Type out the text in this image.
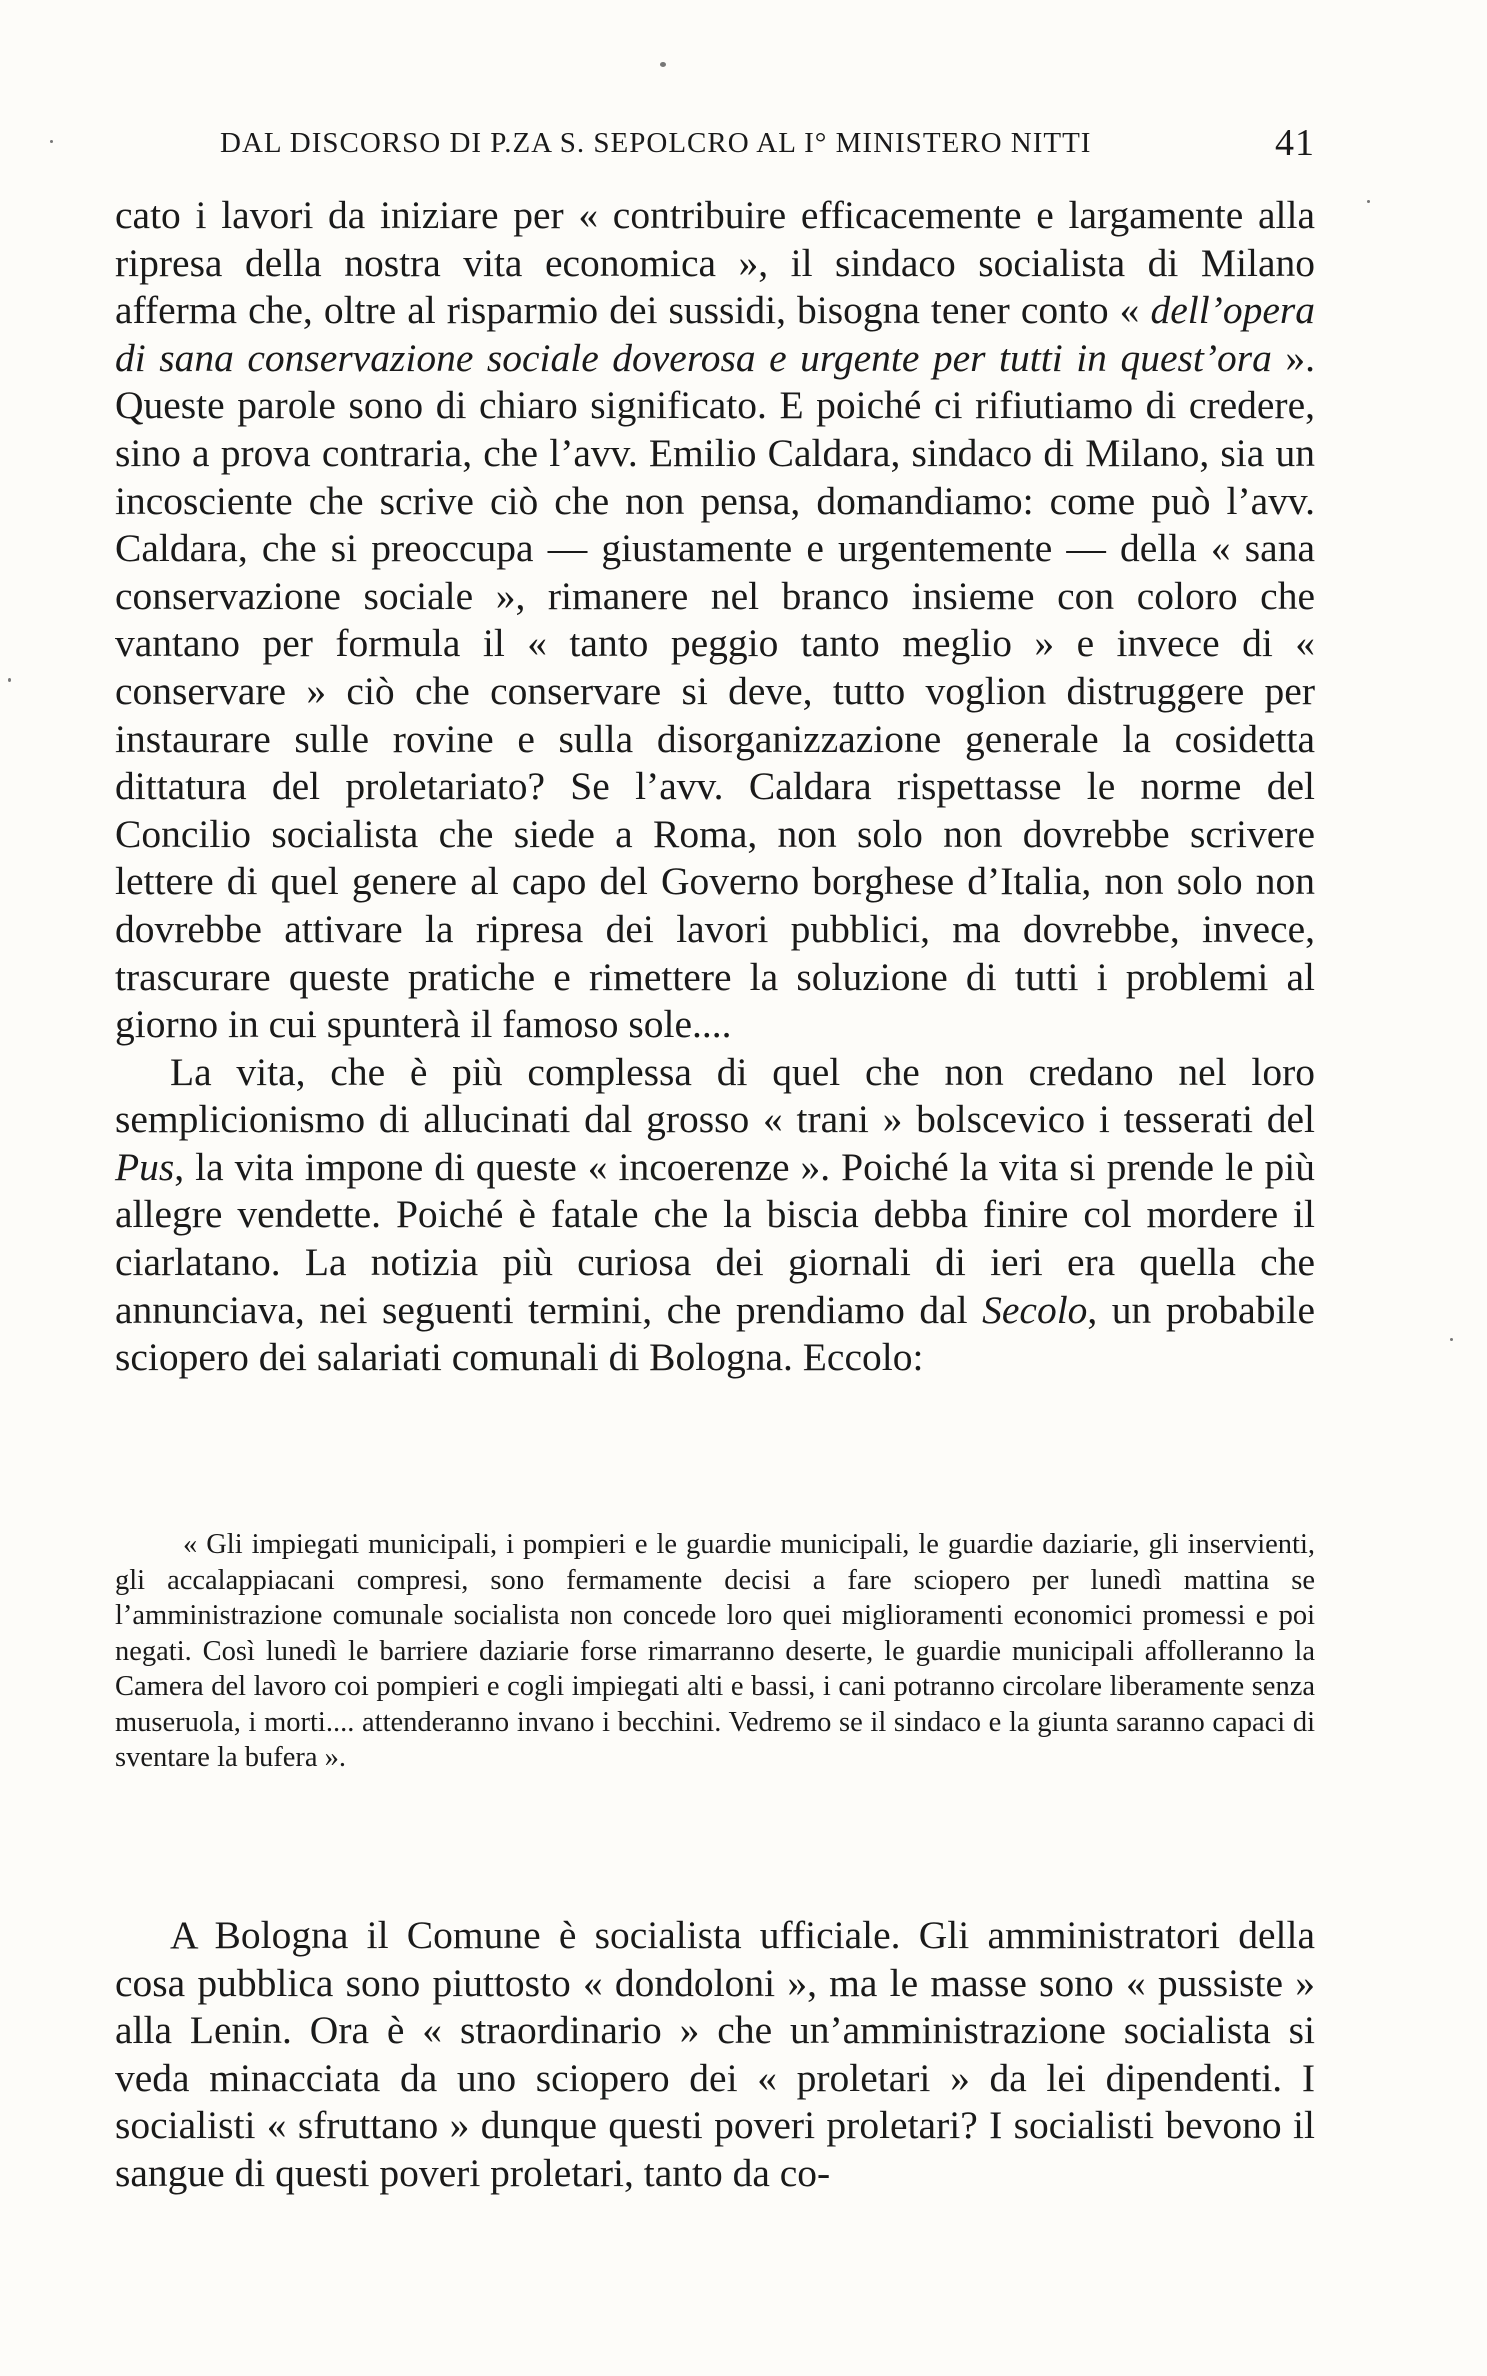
DAL DISCORSO DI P.ZA S. SEPOLCRO AL I° MINISTERO NITTI	41

cato i lavori da iniziare per « contribuire efficacemente e largamente alla ripresa della nostra vita economica », il sindaco socialista di Milano afferma che, oltre al risparmio dei sussidi, bisogna tener conto « dell’opera di sana conservazione sociale doverosa e urgente per tutti in quest’ora ». Queste parole sono di chiaro significato. E poiché ci rifiutiamo di credere, sino a prova contraria, che l’avv. Emilio Caldara, sindaco di Milano, sia un incosciente che scrive ciò che non pensa, domandiamo: come può l’avv. Caldara, che si preoccupa — giustamente e urgentemente — della « sana conservazione sociale », rimanere nel branco insieme con coloro che vantano per formula il « tanto peggio tanto meglio » e invece di « conservare » ciò che conservare si deve, tutto voglion distruggere per instaurare sulle rovine e sulla disorganizzazione generale la cosidetta dittatura del proletariato? Se l’avv. Caldara rispettasse le norme del Concilio socialista che siede a Roma, non solo non dovrebbe scrivere lettere di quel genere al capo del Governo borghese d’Italia, non solo non dovrebbe attivare la ripresa dei lavori pubblici, ma dovrebbe, invece, trascurare queste pratiche e rimettere la soluzione di tutti i problemi al giorno in cui spunterà il famoso sole....

La vita, che è più complessa di quel che non credano nel loro semplicionismo di allucinati dal grosso « trani » bolscevico i tesserati del Pus, la vita impone di queste « incoerenze ». Poiché la vita si prende le più allegre vendette. Poiché è fatale che la biscia debba finire col mordere il ciarlatano. La notizia più curiosa dei giornali di ieri era quella che annunciava, nei seguenti termini, che prendiamo dal Secolo, un probabile sciopero dei salariati comunali di Bologna. Eccolo:

« Gli impiegati municipali, i pompieri e le guardie municipali, le guardie daziarie, gli inservienti, gli accalappiacani compresi, sono fermamente decisi a fare sciopero per lunedì mattina se l’amministrazione comunale socialista non concede loro quei miglioramenti economici promessi e poi negati. Così lunedì le barriere daziarie forse rimarranno deserte, le guardie municipali affolleranno la Camera del lavoro coi pompieri e cogli impiegati alti e bassi, i cani potranno circolare liberamente senza museruola, i morti.... attenderanno invano i becchini. Vedremo se il sindaco e la giunta saranno capaci di sventare la bufera ».

A Bologna il Comune è socialista ufficiale. Gli amministratori della cosa pubblica sono piuttosto « dondoloni », ma le masse sono « pussiste » alla Lenin. Ora è « straordinario » che un’amministrazione socialista si veda minacciata da uno sciopero dei « proletari » da lei dipendenti. I socialisti « sfruttano » dunque questi poveri proletari? I socialisti bevono il sangue di questi poveri proletari, tanto da co-
